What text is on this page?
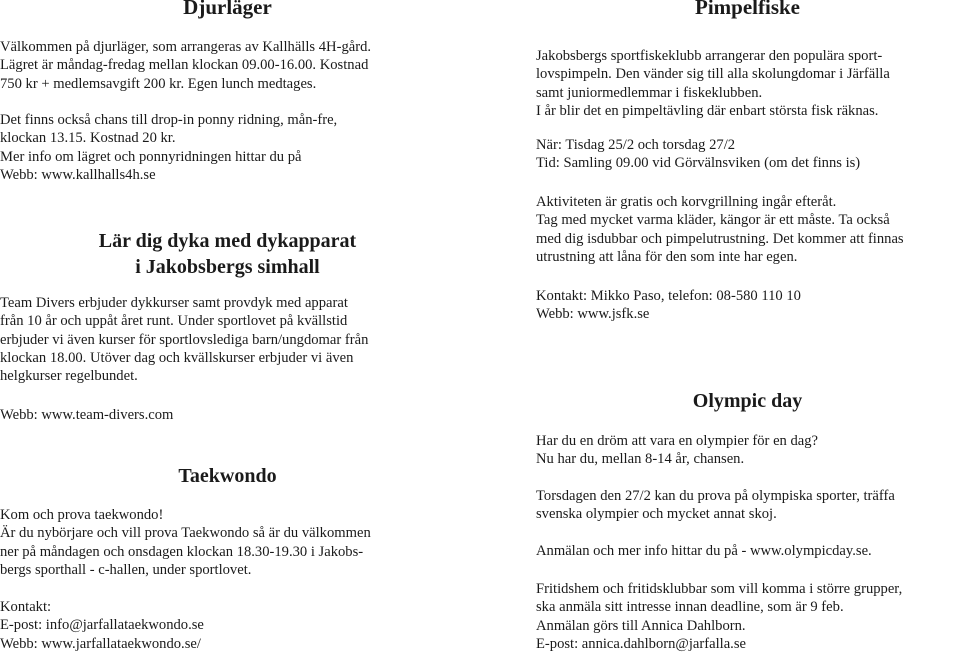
Djurläger

Välkommen på djurläger, som arrangeras av Kallhälls 4H-gård.
Lägret är måndag-fredag mellan klockan 09.00-16.00. Kostnad
750 kr + medlemsavgift 200 kr. Egen lunch medtages.

Det finns också chans till drop-in ponny ridning, mån-fre,
klockan 13.15. Kostnad 20 kr.
Mer info om lägret och ponnyridningen hittar du på
Webb: www.kallhalls4h.se

Lär dig dyka med dykapparat
i Jakobsbergs simhall

Team Divers erbjuder dykkurser samt provdyk med apparat
från 10 år och uppåt året runt. Under sportlovet på kvällstid
erbjuder vi även kurser för sportlovslediga barn/ungdomar från
klockan 18.00. Utöver dag och kvällskurser erbjuder vi även
helgkurser regelbundet.

Webb: www.team-divers.com

Taekwondo

Kom och prova taekwondo!
Är du nybörjare och vill prova Taekwondo så är du välkommen
ner på måndagen och onsdagen klockan 18.30-19.30 i Jakobs-
bergs sporthall - c-hallen, under sportlovet.

Kontakt:
E-post: info@jarfallataekwondo.se
Webb: www.jarfallataekwondo.se/

Pimpelfiske

Jakobsbergs sportfiskeklubb arrangerar den populära sport-
lovspimpeln. Den vänder sig till alla skolungdomar i Järfälla
samt juniormedlemmar i fiskeklubben.
I år blir det en pimpeltävling där enbart största fisk räknas.

När: Tisdag 25/2 och torsdag 27/2
Tid: Samling 09.00 vid Görvälnsviken (om det finns is)

Aktiviteten är gratis och korvgrillning ingår efteråt.
Tag med mycket varma kläder, kängor är ett måste. Ta också
med dig isdubbar och pimpelutrustning. Det kommer att finnas
utrustning att låna för den som inte har egen.

Kontakt: Mikko Paso, telefon: 08-580 110 10
Webb: www.jsfk.se

Olympic day

Har du en dröm att vara en olympier för en dag?
Nu har du, mellan 8-14 år, chansen.

Torsdagen den 27/2 kan du prova på olympiska sporter, träffa
svenska olympier och mycket annat skoj.

Anmälan och mer info hittar du på - www.olympicday.se.

Fritidshem och fritidsklubbar som vill komma i större grupper,
ska anmäla sitt intresse innan deadline, som är 9 feb.
Anmälan görs till Annica Dahlborn.
E-post: annica.dahlborn@jarfalla.se
